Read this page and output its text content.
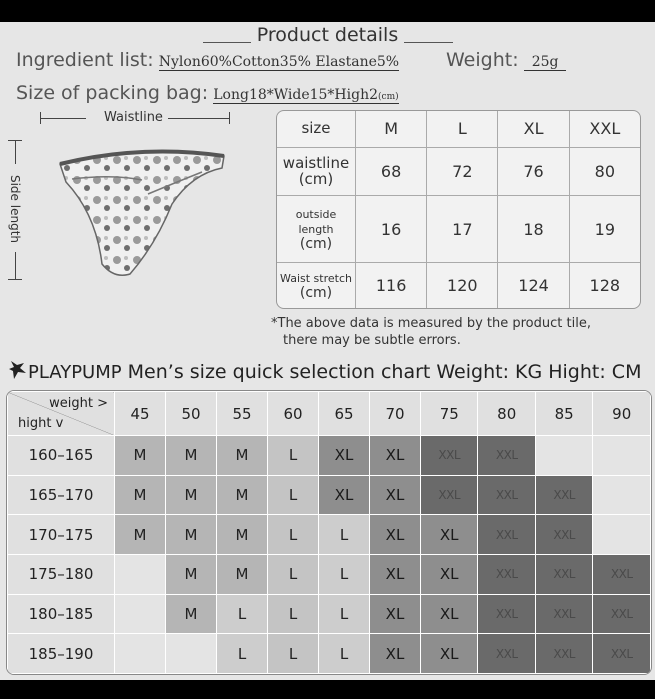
Product details
Ingredient list: Nylon60%Cotton35% Elastane5% Weight: 25g
Size of packing bag: Long18*Wide15*High2(cm)
Waistline
Side length
size	M	L	XL	XXL
waistline
(cm)	68	72	76	80
outside length
(cm)	16	17	18	19
Waist stretch
(cm)	116	120	124	128
*The above data is measured by the product tile,
there may be subtle errors.
PLAYPUMP Men’s size quick selection chart Weight: KG Hight: CM
weight >
hight v	45	50	55	60	65	70	75	80	85	90
160–165	M	M	M	L	XL	XL	XXL	XXL		
165–170	M	M	M	L	XL	XL	XXL	XXL	XXL	
170–175	M	M	M	L	L	XL	XL	XXL	XXL	
175–180		M	M	L	L	XL	XL	XXL	XXL	XXL
180–185		M	L	L	L	XL	XL	XXL	XXL	XXL
185–190			L	L	L	XL	XL	XXL	XXL	XXL
